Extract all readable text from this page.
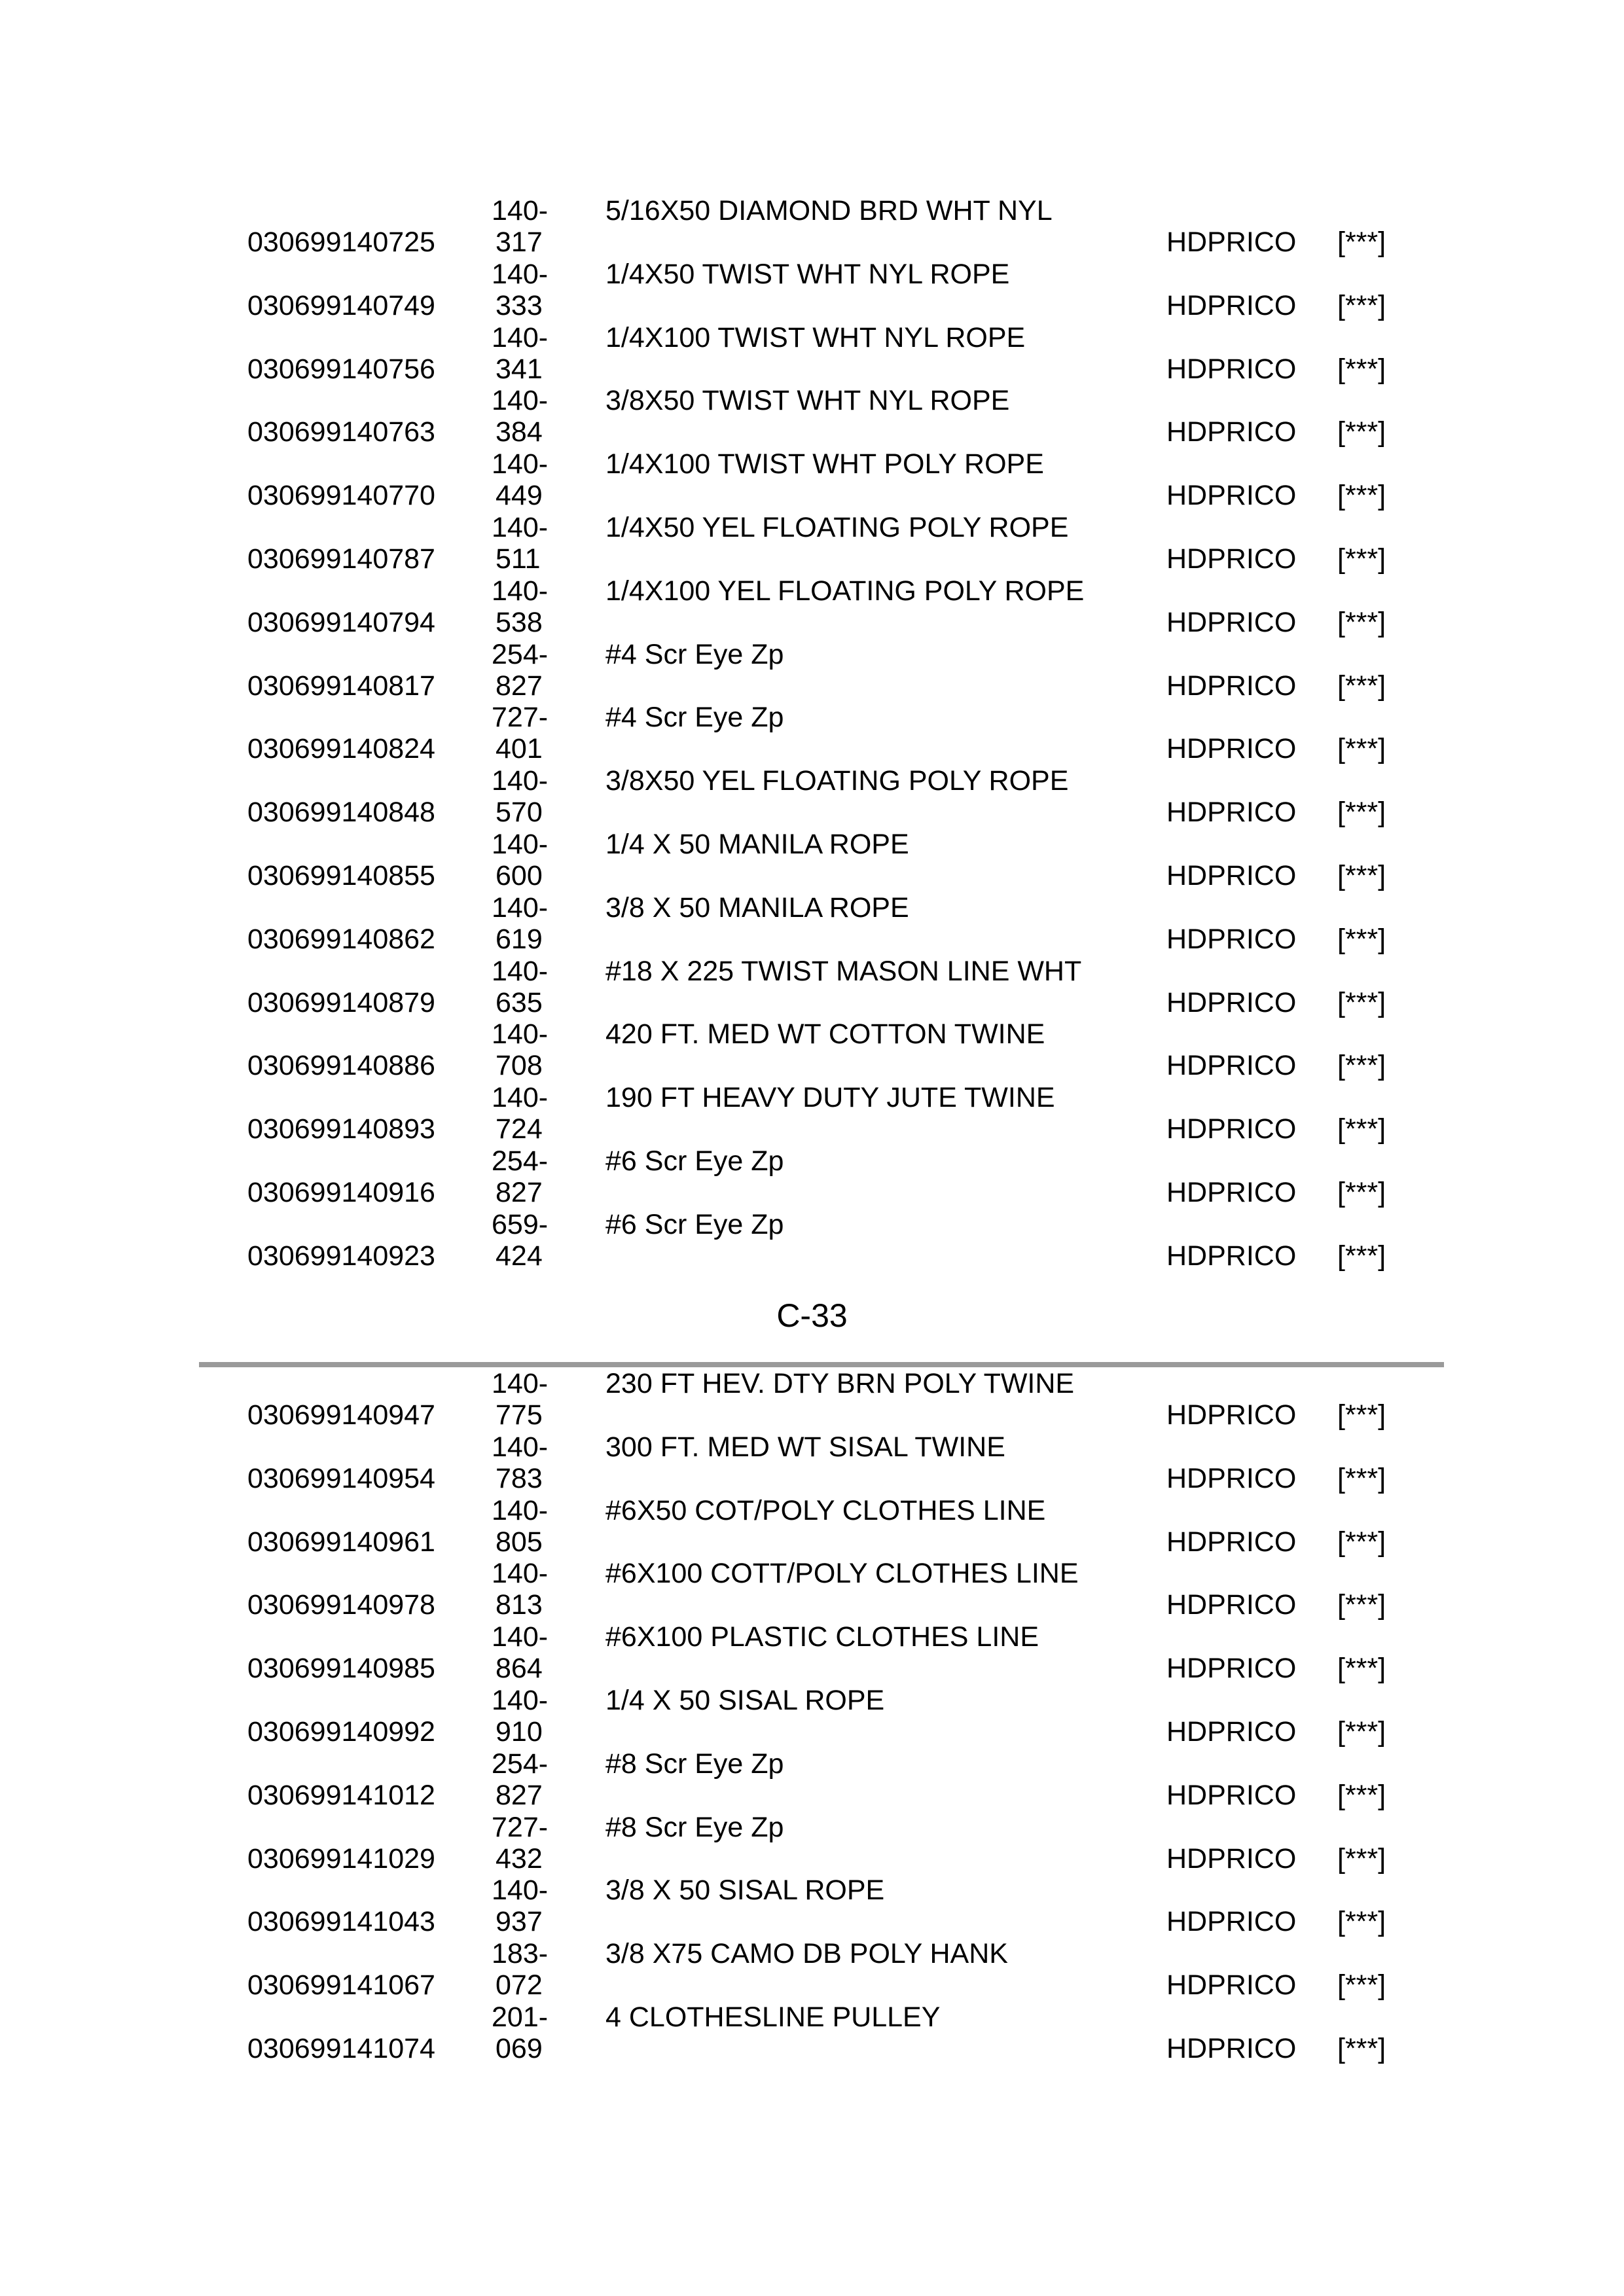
030699140725
140-
317
5/16X50 DIAMOND BRD WHT NYL
HDPRICO [***]
030699140749
140-
333
1/4X50 TWIST WHT NYL ROPE
HDPRICO [***]
030699140756
140-
341
1/4X100 TWIST WHT NYL ROPE
HDPRICO [***]
030699140763
140-
384
3/8X50 TWIST WHT NYL ROPE
HDPRICO [***]
030699140770
140-
449
1/4X100 TWIST WHT POLY ROPE
HDPRICO [***]
030699140787
140-
511
1/4X50 YEL FLOATING POLY ROPE
HDPRICO [***]
030699140794
140-
538
1/4X100 YEL FLOATING POLY ROPE
HDPRICO [***]
030699140817
254-
827
#4 Scr Eye Zp
HDPRICO [***]
030699140824
727-
401
#4 Scr Eye Zp
HDPRICO [***]
030699140848
140-
570
3/8X50 YEL FLOATING POLY ROPE
HDPRICO [***]
030699140855
140-
600
1/4 X 50 MANILA ROPE
HDPRICO [***]
030699140862
140-
619
3/8 X 50 MANILA ROPE
HDPRICO [***]
030699140879
140-
635
#18 X 225 TWIST MASON LINE WHT
HDPRICO [***]
030699140886
140-
708
420 FT. MED WT COTTON TWINE
HDPRICO [***]
030699140893
140-
724
190 FT HEAVY DUTY JUTE TWINE
HDPRICO [***]
030699140916
254-
827
#6 Scr Eye Zp
HDPRICO [***]
030699140923
659-
424
#6 Scr Eye Zp
HDPRICO [***]
C-33
030699140947
140-
775
230 FT HEV. DTY BRN POLY TWINE
HDPRICO [***]
030699140954
140-
783
300 FT. MED WT SISAL TWINE
HDPRICO [***]
030699140961
140-
805
#6X50 COT/POLY CLOTHES LINE
HDPRICO [***]
030699140978
140-
813
#6X100 COTT/POLY CLOTHES LINE
HDPRICO [***]
030699140985
140-
864
#6X100 PLASTIC CLOTHES LINE
HDPRICO [***]
030699140992
140-
910
1/4 X 50 SISAL ROPE
HDPRICO [***]
030699141012
254-
827
#8 Scr Eye Zp
HDPRICO [***]
030699141029
727-
432
#8 Scr Eye Zp
HDPRICO [***]
030699141043
140-
937
3/8 X 50 SISAL ROPE
HDPRICO [***]
030699141067
183-
072
3/8 X75 CAMO DB POLY HANK
HDPRICO [***]
030699141074
201-
069
4 CLOTHESLINE PULLEY
HDPRICO [***]
